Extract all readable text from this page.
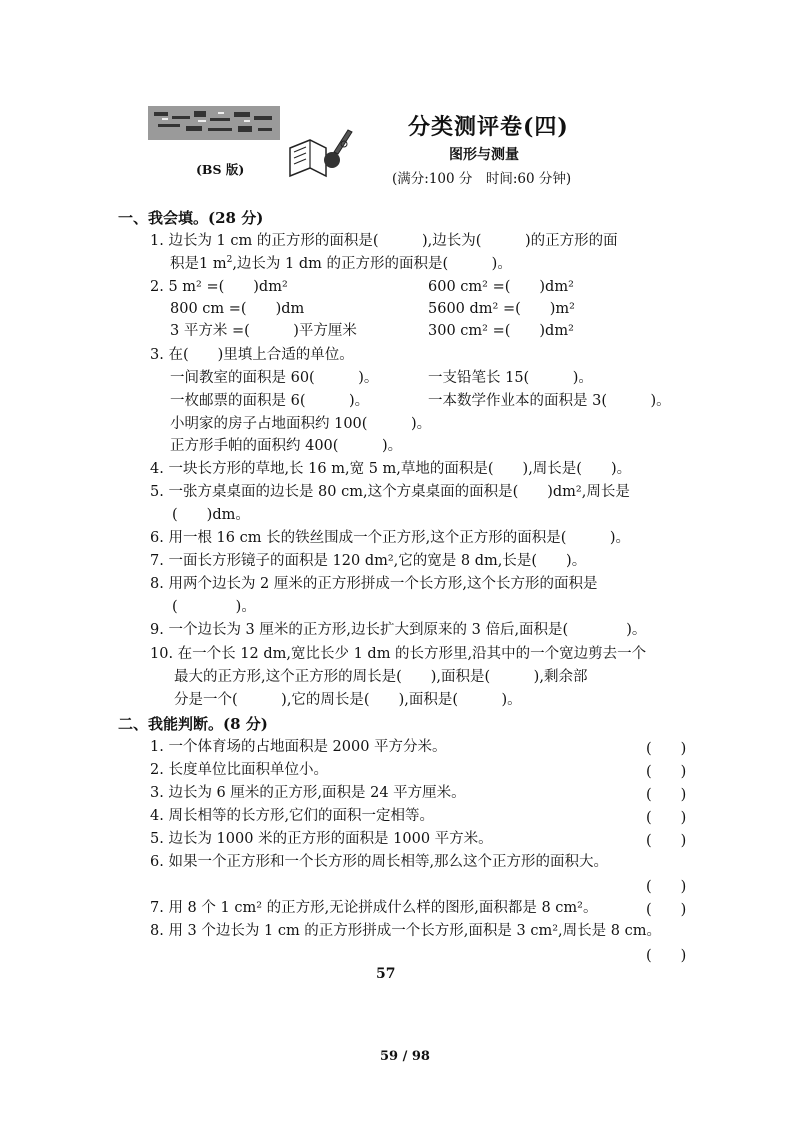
(BS 版)
分类测评卷(四)
图形与测量
(满分:100 分　时间:60 分钟)
一、我会填。(28 分)
1. 边长为 1 cm 的正方形的面积是(　　　),边长为(　　　)的正方形的面
积是1 $m^2$,边长为 1 dm 的正方形的面积是(　　　)。
2. 5 m² =(　　)dm²	600 cm² =(　　)dm²
800 cm =(　　)dm	5600 dm² =(　　)m²
3 平方米 =(　　　)平方厘米	300 cm² =(　　)dm²
3. 在(　　)里填上合适的单位。
一间教室的面积是 60(　　　)。	一支铅笔长 15(　　　)。
一枚邮票的面积是 6(　　　)。	一本数学作业本的面积是 3(　　　)。
小明家的房子占地面积约 100(　　　)。
正方形手帕的面积约 400(　　　)。
4. 一块长方形的草地,长 16 m,宽 5 m,草地的面积是(　　),周长是(　　)。
5. 一张方桌桌面的边长是 80 cm,这个方桌桌面的面积是(　　)dm²,周长是
(　　)dm。
6. 用一根 16 cm 长的铁丝围成一个正方形,这个正方形的面积是(　　　)。
7. 一面长方形镜子的面积是 120 dm²,它的宽是 8 dm,长是(　　)。
8. 用两个边长为 2 厘米的正方形拼成一个长方形,这个长方形的面积是
(　　　　)。
9. 一个边长为 3 厘米的正方形,边长扩大到原来的 3 倍后,面积是(　　　　)。
10. 在一个长 12 dm,宽比长少 1 dm 的长方形里,沿其中的一个宽边剪去一个
最大的正方形,这个正方形的周长是(　　),面积是(　　　),剩余部
分是一个(　　　),它的周长是(　　),面积是(　　　)。
二、我能判断。(8 分)
1. 一个体育场的占地面积是 2000 平方分米。	(　　)
2. 长度单位比面积单位小。	(　　)
3. 边长为 6 厘米的正方形,面积是 24 平方厘米。	(　　)
4. 周长相等的长方形,它们的面积一定相等。	(　　)
5. 边长为 1000 米的正方形的面积是 1000 平方米。	(　　)
6. 如果一个正方形和一个长方形的周长相等,那么这个正方形的面积大。
(　　)
7. 用 8 个 1 cm² 的正方形,无论拼成什么样的图形,面积都是 8 cm²。	(　　)
8. 用 3 个边长为 1 cm 的正方形拼成一个长方形,面积是 3 cm²,周长是 8 cm。
(　　)
57
59 / 98
